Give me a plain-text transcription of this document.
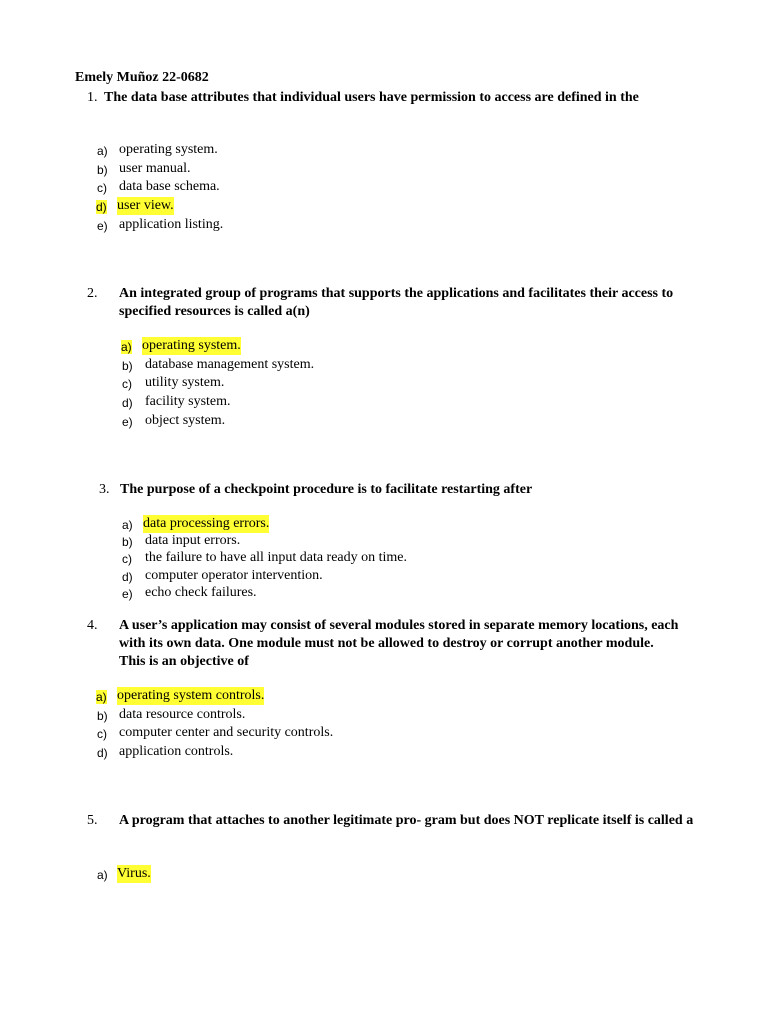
Emely Muñoz 22-0682
1. The data base attributes that individual users have permission to access are defined in the
a) operating system.
b) user manual.
c) data base schema.
d) user view.
e) application listing.
2. An integrated group of programs that supports the applications and facilitates their access to specified resources is called a(n)
a) operating system.
b) database management system.
c) utility system.
d) facility system.
e) object system.
3. The purpose of a checkpoint procedure is to facilitate restarting after
a) data processing errors.
b) data input errors.
c) the failure to have all input data ready on time.
d) computer operator intervention.
e) echo check failures.
4. A user’s application may consist of several modules stored in separate memory locations, each with its own data. One module must not be allowed to destroy or corrupt another module. This is an objective of
a) operating system controls.
b) data resource controls.
c) computer center and security controls.
d) application controls.
5. A program that attaches to another legitimate pro- gram but does NOT replicate itself is called a
a) Virus.
